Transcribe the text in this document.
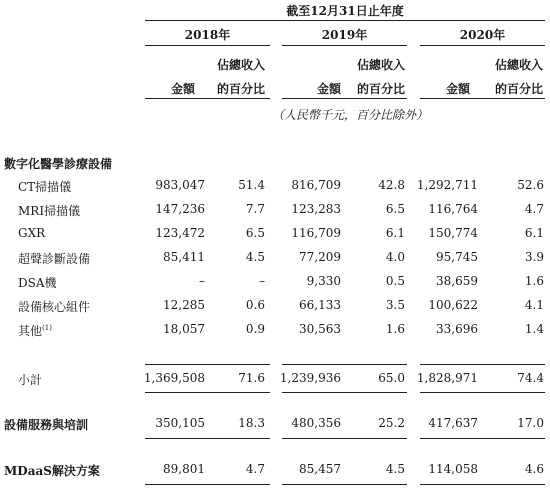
截至12月31日止年度
2018年	2019年	2020年
金額
佔總收入
的百分比	金額
佔總收入
的百分比	金額
佔總收入
的百分比
（人民幣千元，百分比除外）
數字化醫學診療設備
CT掃描儀	983,047	51.4	816,709	42.8 1,292,711	52.6
MRI掃描儀	147,236	7.7	123,283	6.5	116,764	4.7
GXR	123,472	6.5	116,709	6.1	150,774	6.1
超聲診斷設備	85,411	4.5	77,209	4.0	95,745	3.9
DSA機	–	–	9,330	0.5	38,659	1.6
設備核心組件	12,285	0.6	66,133	3.5	100,622	4.1
其他$^{(1)}$	18,057	0.9	30,563	1.6	33,696	1.4
小計	1,369,508	71.6	1,239,936	65.0 1,828,971	74.4
設備服務與培訓	350,105	18.3	480,356	25.2	417,637	17.0
MDaaS解決方案	89,801	4.7	85,457	4.5	114,058	4.6
